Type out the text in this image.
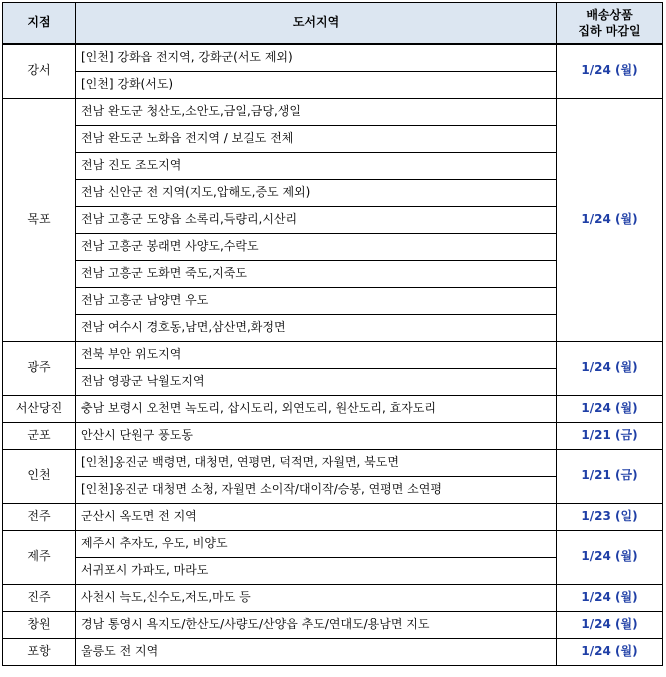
지점	도서지역	배송상품
집하 마감일
강서	[인천] 강화읍 전지역, 강화군(서도 제외)	1/24 (월)
	[인천] 강화(서도)	
목포	전남 완도군 청산도,소안도,금일,금당,생일	1/24 (월)
	전남 완도군 노화읍 전지역 / 보길도 전체	
	전남 진도 조도지역	
	전남 신안군 전 지역(지도,압해도,증도 제외)	
	전남 고흥군 도양읍 소록리,득량리,시산리	
	전남 고흥군 봉래면 사양도,수락도	
	전남 고흥군 도화면 죽도,지죽도	
	전남 고흥군 남양면 우도	
	전남 여수시 경호동,남면,삼산면,화정면	
광주	전북 부안 위도지역	1/24 (월)
	전남 영광군 낙월도지역	
서산당진	충남 보령시 오천면 녹도리, 삽시도리, 외연도리, 원산도리, 효자도리	1/24 (월)
군포	안산시 단원구 풍도동	1/21 (금)
인천	[인천]옹진군 백령면, 대청면, 연평면, 덕적면, 자월면, 북도면	1/21 (금)
	[인천]옹진군 대청면 소청, 자월면 소이작/대이작/승봉, 연평면 소연평	
전주	군산시 옥도면 전 지역	1/23 (일)
제주	제주시 추자도, 우도, 비양도	1/24 (월)
	서귀포시 가파도, 마라도	
진주	사천시 늑도,신수도,저도,마도 등	1/24 (월)
창원	경남 통영시 욕지도/한산도/사량도/산양읍 추도/연대도/용남면 지도	1/24 (월)
포항	울릉도 전 지역	1/24 (월)
